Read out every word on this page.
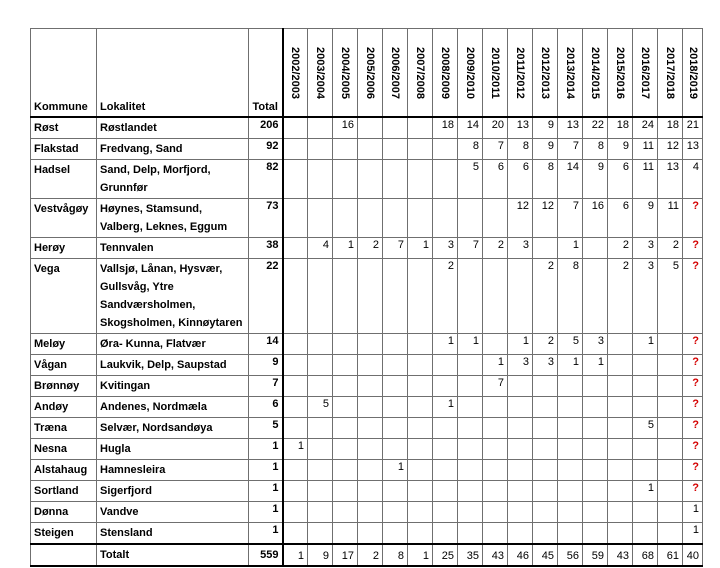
Kommune	Lokalitet	Total	2002/2003	2003/2004	2004/2005	2005/2006	2006/2007	2007/2008	2008/2009	2009/2010	2010/2011	2011/2012	2012/2013	2013/2014	2014/2015	2015/2016	2016/2017	2017/2018	2018/2019

Røst	Røstlandet	206			16				18	14	20	13	9	13	22	18	24	18	21
Flakstad	Fredvang, Sand	92								8	7	8	9	7	8	9	11	12	13
Hadsel	Sand, Delp, Morfjord, Grunnfør	82								5	6	6	8	14	9	6	11	13	4
Vestvågøy	Høynes, Stamsund, Valberg, Leknes, Eggum	73										12	12	7	16	6	9	11	?
Herøy	Tennvalen	38		4	1	2	7	1	3	7	2	3		1		2	3	2	?
Vega	Vallsjø, Lånan, Hysvær, Gullsvåg, Ytre Sandværsholmen, Skogsholmen, Kinnøytaren	22							2				2	8		2	3	5	?
Meløy	Øra- Kunna, Flatvær	14							1	1		1	2	5	3		1		?
Vågan	Laukvik, Delp, Saupstad	9									1	3	3	1	1				?
Brønnøy	Kvitingan	7									7								?
Andøy	Andenes, Nordmæla	6		5					1										?
Træna	Selvær, Nordsandøya	5															5		?
Nesna	Hugla	1	1																?
Alstahaug	Hamnesleira	1					1												?
Sortland	Sigerfjord	1															1		?
Dønna	Vandve	1																	1
Steigen	Stensland	1																	1
	Totalt	559	1	9	17	2	8	1	25	35	43	46	45	56	59	43	68	61	40
